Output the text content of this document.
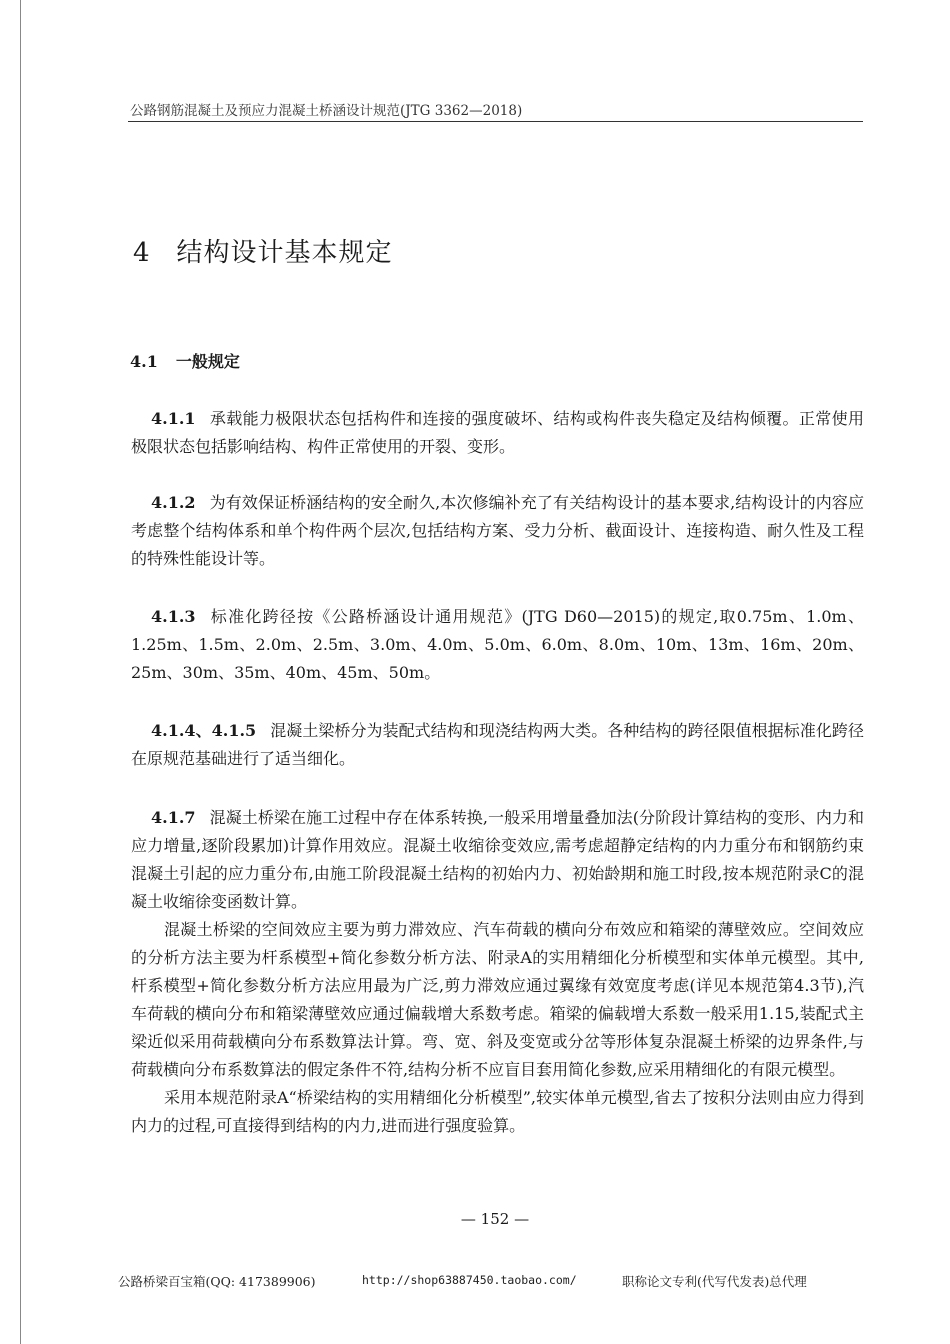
公路钢筋混凝土及预应力混凝土桥涵设计规范(JTG 3362—2018)
4 结构设计基本规定
4.1 一般规定
4.1.1 承载能力极限状态包括构件和连接的强度破坏、结构或构件丧失稳定及结构倾覆。正常使用极限状态包括影响结构、构件正常使用的开裂、变形。
4.1.2 为有效保证桥涵结构的安全耐久,本次修编补充了有关结构设计的基本要求,结构设计的内容应考虑整个结构体系和单个构件两个层次,包括结构方案、受力分析、截面设计、连接构造、耐久性及工程的特殊性能设计等。
4.1.3 标准化跨径按《公路桥涵设计通用规范》(JTG D60—2015)的规定,取0.75m、1.0m、1.25m、1.5m、2.0m、2.5m、3.0m、4.0m、5.0m、6.0m、8.0m、10m、13m、16m、20m、25m、30m、35m、40m、45m、50m。
4.1.4、4.1.5 混凝土梁桥分为装配式结构和现浇结构两大类。各种结构的跨径限值根据标准化跨径在原规范基础进行了适当细化。

4.1.7 混凝土桥梁在施工过程中存在体系转换,一般采用增量叠加法(分阶段计算结构的变形、内力和应力增量,逐阶段累加)计算作用效应。混凝土收缩徐变效应,需考虑超静定结构的内力重分布和钢筋约束混凝土引起的应力重分布,由施工阶段混凝土结构的初始内力、初始龄期和施工时段,按本规范附录C的混凝土收缩徐变函数计算。

混凝土桥梁的空间效应主要为剪力滞效应、汽车荷载的横向分布效应和箱梁的薄壁效应。空间效应的分析方法主要为杆系模型+简化参数分析方法、附录A的实用精细化分析模型和实体单元模型。其中,杆系模型+简化参数分析方法应用最为广泛,剪力滞效应通过翼缘有效宽度考虑(详见本规范第4.3节),汽车荷载的横向分布和箱梁薄壁效应通过偏载增大系数考虑。箱梁的偏载增大系数一般采用1.15,装配式主梁近似采用荷载横向分布系数算法计算。弯、宽、斜及变宽或分岔等形体复杂混凝土桥梁的边界条件,与荷载横向分布系数算法的假定条件不符,结构分析不应盲目套用简化参数,应采用精细化的有限元模型。

采用本规范附录A“桥梁结构的实用精细化分析模型”,较实体单元模型,省去了按积分法则由应力得到内力的过程,可直接得到结构的内力,进而进行强度验算。

— 152 —
公路桥梁百宝箱(QQ: 417389906)	http://shop63887450.taobao.com/	职称论文专利(代写代发表)总代理
